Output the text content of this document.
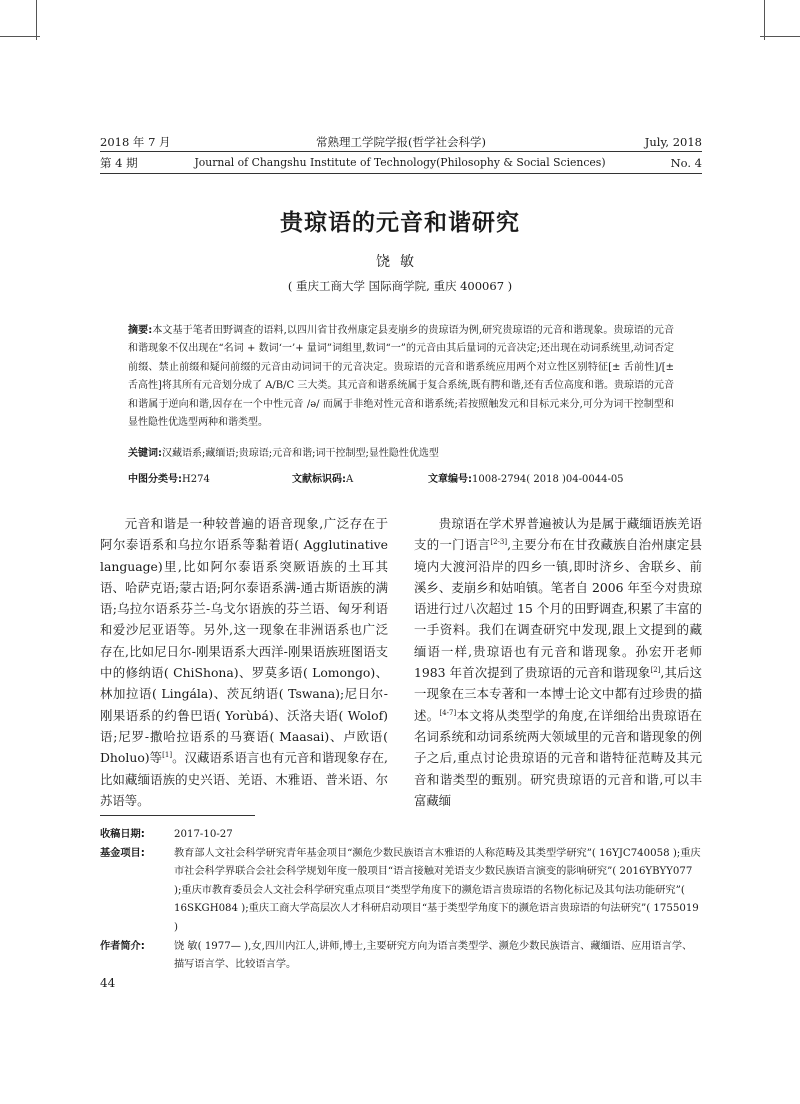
2018 年 7 月	常熟理工学院学报(哲学社会科学)	July, 2018
第 4 期	Journal of Changshu Institute of Technology(Philosophy & Social Sciences)	No. 4
贵琼语的元音和谐研究
饶敏
( 重庆工商大学 国际商学院, 重庆 400067 )
摘要:本文基于笔者田野调查的语料,以四川省甘孜州康定县麦崩乡的贵琼语为例,研究贵琼语的元音和谐现象。贵琼语的元音和谐现象不仅出现在“名词 + 数词‘一’+ 量词”词组里,数词“一”的元音由其后量词的元音决定;还出现在动词系统里,动词否定前缀、禁止前缀和疑问前缀的元音由动词词干的元音决定。贵琼语的元音和谐系统应用两个对立性区别特征[± 舌前性]/[± 舌高性]将其所有元音划分成了 A/B/C 三大类。其元音和谐系统属于复合系统,既有腭和谐,还有舌位高度和谐。贵琼语的元音和谐属于逆向和谐,因存在一个中性元音 /ə/ 而属于非绝对性元音和谐系统;若按照触发元和目标元来分,可分为词干控制型和显性隐性优选型两种和谐类型。
关键词:汉藏语系;藏缅语;贵琼语;元音和谐;词干控制型;显性隐性优选型
中图分类号:H274	文献标识码:A	文章编号:1008-2794( 2018 )04-0044-05

元音和谐是一种较普遍的语音现象,广泛存在于阿尔泰语系和乌拉尔语系等黏着语( Agglutinative language)里,比如阿尔泰语系突厥语族的土耳其语、哈萨克语;蒙古语;阿尔泰语系满-通古斯语族的满语;乌拉尔语系芬兰-乌戈尔语族的芬兰语、匈牙利语和爱沙尼亚语等。另外,这一现象在非洲语系也广泛存在,比如尼日尔-刚果语系大西洋-刚果语族班图语支中的修纳语( ChiShona)、罗莫多语( Lomongo)、林加拉语( Lingála)、茨瓦纳语( Tswana);尼日尔-刚果语系的约鲁巴语( Yorùbá)、沃洛夫语( Wolof)语;尼罗-撒哈拉语系的马赛语( Maasai)、卢欧语( Dholuo)等[1]。汉藏语系语言也有元音和谐现象存在,比如藏缅语族的史兴语、羌语、木雅语、普米语、尔苏语等。

贵琼语在学术界普遍被认为是属于藏缅语族羌语支的一门语言[2-3],主要分布在甘孜藏族自治州康定县境内大渡河沿岸的四乡一镇,即时济乡、舍联乡、前溪乡、麦崩乡和姑咱镇。笔者自 2006 年至今对贵琼语进行过八次超过 15 个月的田野调查,积累了丰富的一手资料。我们在调查研究中发现,跟上文提到的藏缅语一样,贵琼语也有元音和谐现象。孙宏开老师 1983 年首次提到了贵琼语的元音和谐现象[2],其后这一现象在三本专著和一本博士论文中都有过珍贵的描述。[4-7]本文将从类型学的角度,在详细给出贵琼语在名词系统和动词系统两大领域里的元音和谐现象的例子之后,重点讨论贵琼语的元音和谐特征范畴及其元音和谐类型的甄别。研究贵琼语的元音和谐,可以丰富藏缅

收稿日期:	2017-10-27
基金项目:	教育部人文社会科学研究青年基金项目“濒危少数民族语言木雅语的人称范畴及其类型学研究”( 16YJC740058 );重庆市社会科学界联合会社会科学规划年度一般项目“语言接触对羌语支少数民族语言演变的影响研究”( 2016YBYY077 );重庆市教育委员会人文社会科学研究重点项目“类型学角度下的濒危语言贵琼语的名物化标记及其句法功能研究”( 16SKGH084 );重庆工商大学高层次人才科研启动项目“基于类型学角度下的濒危语言贵琼语的句法研究”( 1755019 )
作者简介:	饶 敏( 1977— ),女,四川内江人,讲师,博士,主要研究方向为语言类型学、濒危少数民族语言、藏缅语、应用语言学、描写语言学、比较语言学。
44
